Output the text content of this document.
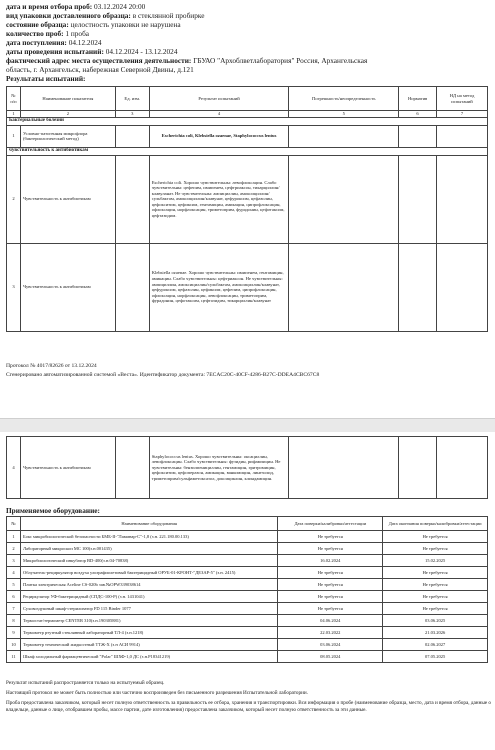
дата и время отбора проб: 03.12.2024 20:00
вид упаковки доставленного образца: в стеклянной пробирке
состояние образца: целостность упаковки не нарушена
количество проб: 1 проба
дата поступления: 04.12.2024
даты проведения испытаний: 04.12.2024 - 13.12.2024
фактический адрес места осуществления деятельности: ГБУАО "Архоблветлаборатория" Россия, Архангельская
область, г. Архангельск, набережная Северной Двины, д.121
Результаты испытаний:
№ п/п	Наименование показателя	Ед. изм.	Результат испытаний	Погрешность/неопределенность	Норматив	НД на метод испытаний
1	2	3	4	5	6	7
Бактериальные болезни						
1	Условно-патогенная микрофлора (бактериологический метод)		Escherichia coli, Klebsiella ozaenae, Staphylococcus lentus			
чувствительность к антибиотикам						
2	Чувствительность к антибиотикам		Escherichia coli. Хорошо чувствительны: левофлоксацин. Слабо чувствительны: цефепим, имипенем, цефтриаксон, тикарциллин/клавуланат. Не чувствительны: ампициллин, амоксициллин/сульбактам, амоксициллин/клавунат, цефуроксим, цефазолин, цефокситим, цефиксим, гентамицин, амикацин, ципрофлоксацин, офлоксацин, норфлоксацин, триметоприм, фурадонин, цефотаксим, цефтазидим.			
3	Чувствительность к антибиотикам		Klebsiella ozaenae. Хорошо чувствительны: имипенем, гентамицин, амикацин. Слабо чувствительны: цефтриаксон. Не чувствительны: ампициллин, амоксициллин/сульбактам, амоксициллин/клавунат, цефуроксим, цефазолин, цефиксим, цефепим, ципрофлоксацин, офлоксацин, норфлоксацин, левофлоксацин, триметоприм, фурадонин, цефотаксим, цефтазидим, тикарциллин/клавунат			
Протокол № 4017/82626 от 13.12.2024
Сгенерировано автоматизированной системой «Веста». Идентификатор документа: 7ECAC20C-40CF-4286-B27C-DDEA4CBC67C8
4	Чувствительность к антибиотикам		Staphylococcus lentus. Хорошо чувствительны: оксациллин, левофлоксацин. Слабо чувствительны: фузидин, рифампицин. Не чувствительны: бензилпенициллин, гентамицин, эритромицин, цефокситим, цефоперазон, амикацин, ванкомицин, линезолид, триметоприм/сульфаметоксазол, доксициклин, клиндамицин.			
Применяемое оборудование:
№	Наименование оборудования	Дата поверки/калибровки/аттестации	Дата окончания поверки/калибровки/аттестации
1	Бокс микробиологической безопасности БМБ-II-"Ламинар-С"-1,8 (з.н. 221.180.00.133)	Не требуется	Не требуется
2	Лабораторный микроскоп МС 100(з.н.001435)	Не требуется	Не требуется
3	Микробиологический инкубатор BD-400(з.н.04-70838)	16.02.2024	15.02.2025
4	Облучатель-рециркулятор воздуха ультрафиолетовый бактерицидный ОРУБ-01-КРОНТ-"ДЕЗАР-5" (з.н. 2415)	Не требуется	Не требуется
5	Плитка электрическая Aceline CS-020b зав.№OPW339038614	Не требуется	Не требуется
6	Рециркулятор УФ-бактерицидный (СПДС-100-Р) (з.н. 1431041)	Не требуется	Не требуется
7	Суховоздушный шкаф-стерилизатор FD 115 Binder 1077	Не требуется	Не требуется
8	Термостат/термометр CENTER 310(з.н.190305881)	04.06.2024	03.06.2025
9	Термометр ртутный стеклянный лабораторный ТЛ-4 (з.н.1218)	22.03.2022	21.03.2026
10	Термометр технический жидкостный ТТЖ-Х (з.н АСИ 9914)	03.06.2024	02.06.2027
11	Шкаф холодильный фармацевтический "Polar" ШХФ-1,0 ДС (з.н.Р18341219)	08.05.2024	07.05.2025
Результат испытаний распространяется только на испытуемый образец.
Настоящий протокол не может быть полностью или частично воспроизведен без письменного разрешения Испытательной лаборатории.
Проба предоставлена заказчиком, который несет полную ответственность за правильность ее отбора, хранения и транспортировки. Вся информация о пробе (наименование образца, место, дата и время отбора, данные о владельце, данные о лице, отобравшем пробы, массе партии, дате изготовления) предоставлена заказчиком, который несет полную ответственность за эти данные.
